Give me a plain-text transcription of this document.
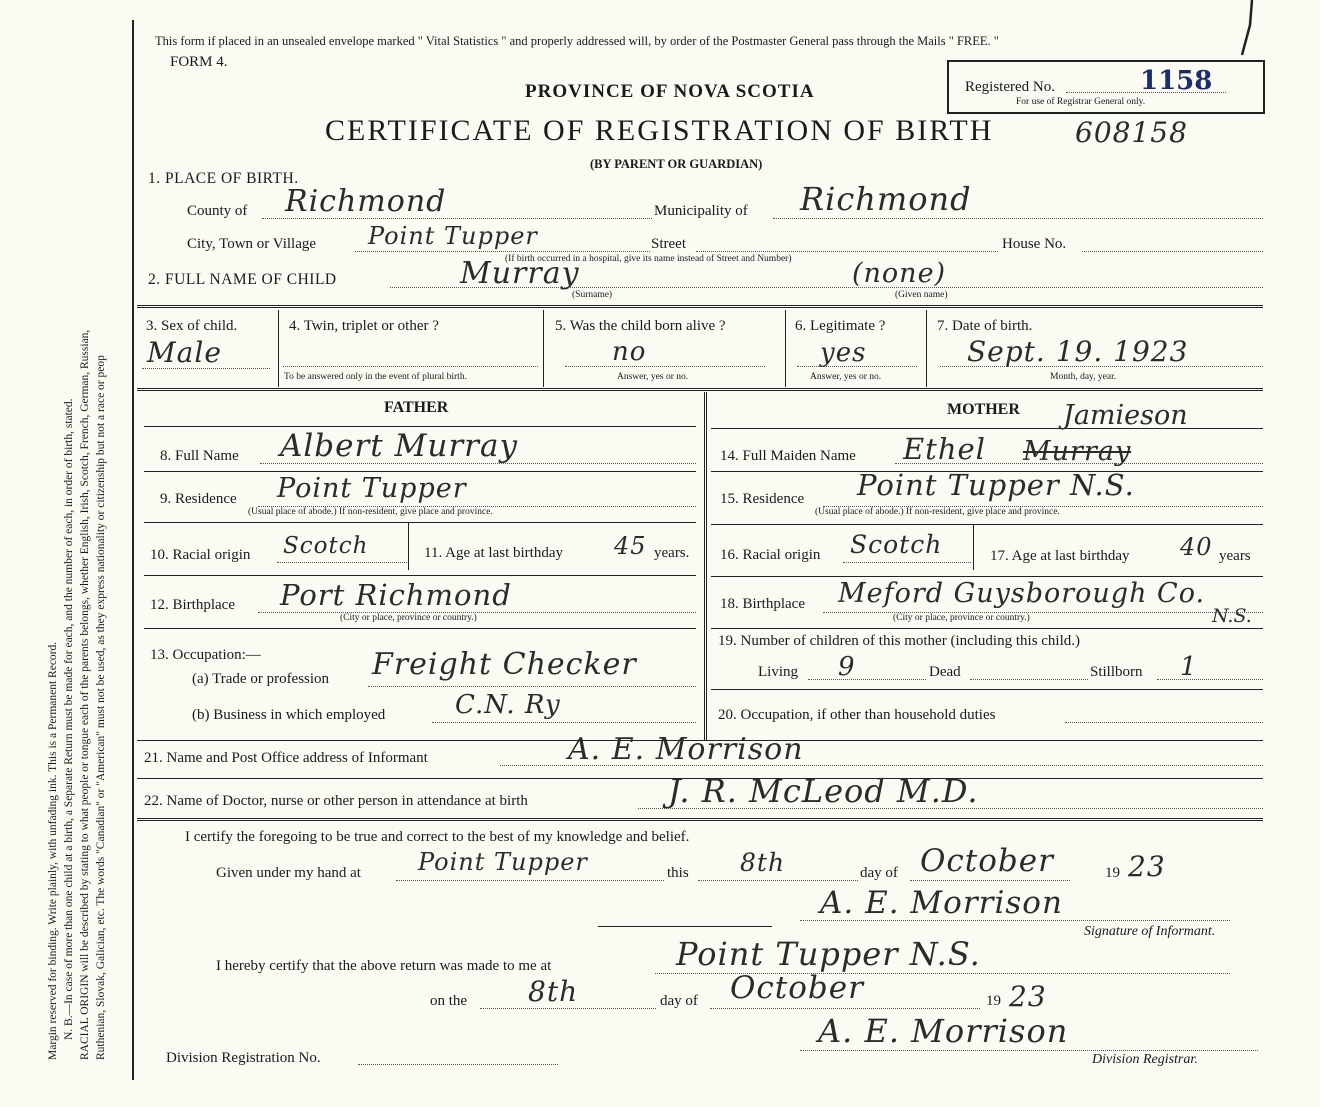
Margin reserved for binding. Write plainly, with unfading ink. This is a Permanent Record. N. B.—In case of more than one child at a birth, a Separate Return must be made for each, and the number of each, in order of birth, stated. RACIAL ORIGIN will be described by stating to what people or tongue each of the parents belongs, whether English, Irish, Scotch, French, German, Russian, Ruthenian, Slovak, Galician, etc. The words "Canadian" or "American" must not be used, as they express nationality or citizenship but not a race or peop
This form if placed in an unsealed envelope marked " Vital Statistics " and properly addressed will, by order of the Postmaster General pass through the Mails " FREE. "
FORM 4.
PROVINCE OF NOVA SCOTIA
CERTIFICATE OF REGISTRATION OF BIRTH	608158
(BY PARENT OR GUARDIAN)
Registered No.	1158
For use of Registrar General only.
1. PLACE OF BIRTH.
County of Richmond	Municipality of Richmond
City, Town or Village Point Tupper	Street	House No.
(If birth occurred in a hospital, give its name instead of Street and Number)
2. FULL NAME OF CHILD	Murray	(none)
(Surname)	(Given name)
3. Sex of child.
Male
4. Twin, triplet or other ?
To be answered only in the event of plural birth.
5. Was the child born alive ?
no
Answer, yes or no.
6. Legitimate ?
yes
Answer, yes or no.
7. Date of birth.
Sept. 19. 1923
Month, day, year.
FATHER
8. Full Name Albert Murray
9. Residence Point Tupper
(Usual place of abode.) If non-resident, give place and province.
10. Racial origin Scotch	11. Age at last birthday 45 years.
12. Birthplace Port Richmond
(City or place, province or country.)
13. Occupation:—
(a) Trade or profession Freight Checker
(b) Business in which employed	C.N. Ry
MOTHER
14. Full Maiden Name Ethel Murray
Jamieson
15. Residence Point Tupper N.S.
(Usual place of abode.) If non-resident, give place and province.
16. Racial origin Scotch	17. Age at last birthday 40 years
18. Birthplace Meford Guysborough Co.
N.S.
(City or place, province or country.)
19. Number of children of this mother (including this child.)
Living 9	Dead	Stillborn 1
20. Occupation, if other than household duties
21. Name and Post Office address of Informant	A. E. Morrison
22. Name of Doctor, nurse or other person in attendance at birth	J. R. McLeod M.D.
I certify the foregoing to be true and correct to the best of my knowledge and belief.
Given under my hand at Point Tupper	this 8th	day of October	19 23
A. E. Morrison
Signature of Informant.
I hereby certify that the above return was made to me at	Point Tupper N.S.
on the 8th	day of October	19 23
A. E. Morrison
Division Registration No.	Division Registrar.
